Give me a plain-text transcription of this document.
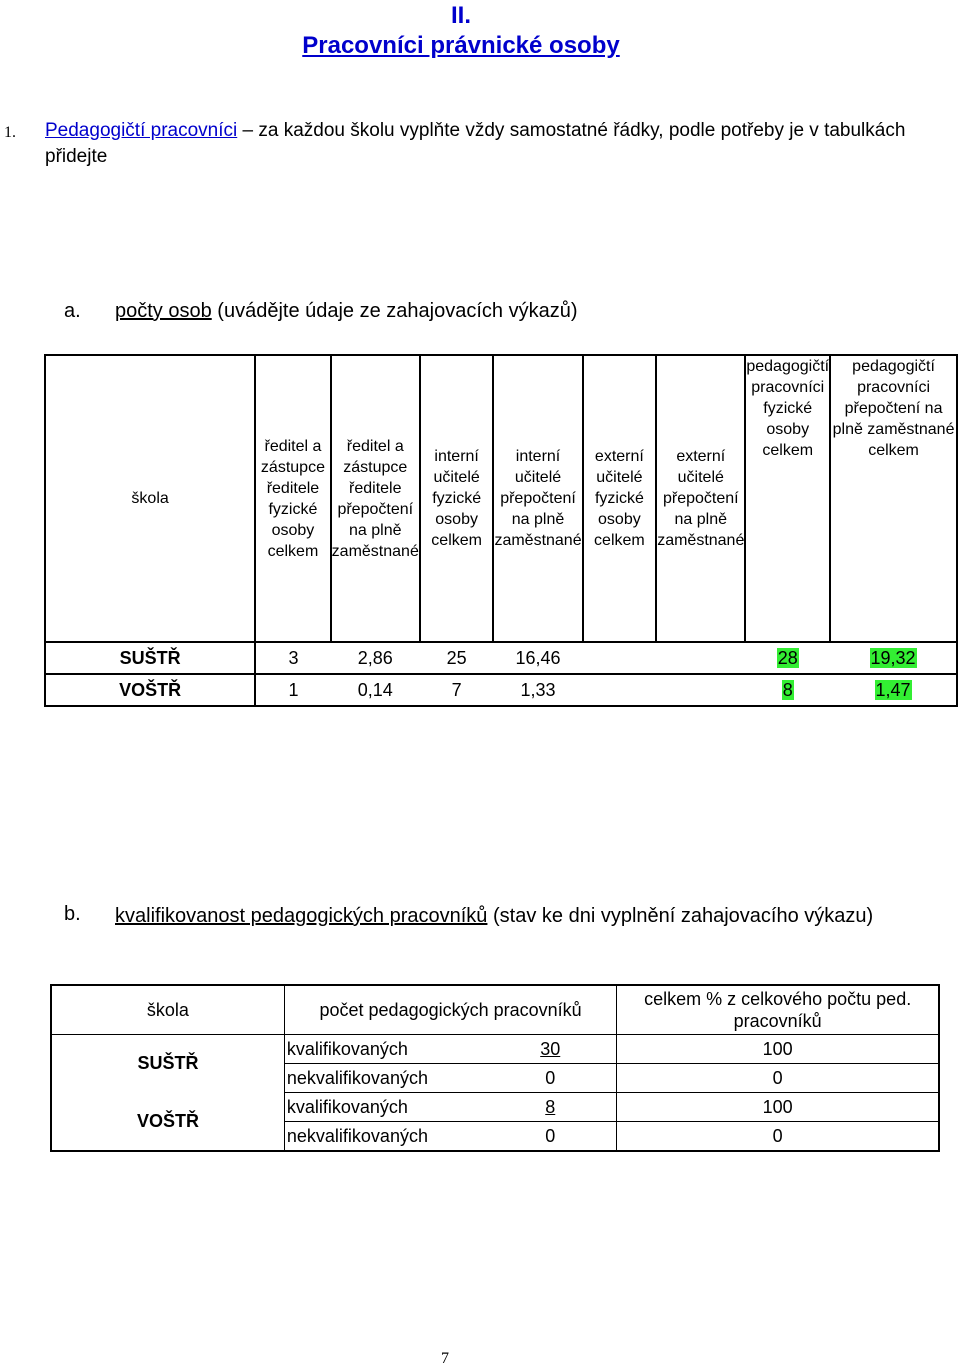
II.
Pracovníci právnické osoby
1. Pedagogičtí pracovníci – za každou školu vyplňte vždy samostatné řádky, podle potřeby je v tabulkách přidejte
a. počty osob (uvádějte údaje ze zahajovacích výkazů)
škola	ředitel a zástupce ředitele fyzické osoby celkem	ředitel a zástupce ředitele přepočtení na plně zaměstnané	interní učitelé fyzické osoby celkem	interní učitelé přepočtení na plně zaměstnané	externí učitelé fyzické osoby celkem	externí učitelé přepočtení na plně zaměstnané	pedagogičtí pracovníci fyzické osoby celkem	pedagogičtí pracovníci přepočtení na plně zaměstnané celkem
SUŠTŘ	3	2,86	25	16,46			28	19,32
VOŠTŘ	1	0,14	7	1,33			8	1,47
b. kvalifikovanost pedagogických pracovníků (stav ke dni vyplnění zahajovacího výkazu)
škola	počet pedagogických pracovníků		celkem % z celkového počtu ped. pracovníků
SUŠTŘ	kvalifikovaných	30	100
	nekvalifikovaných	0	0
VOŠTŘ	kvalifikovaných	8	100
	nekvalifikovaných	0	0
7
